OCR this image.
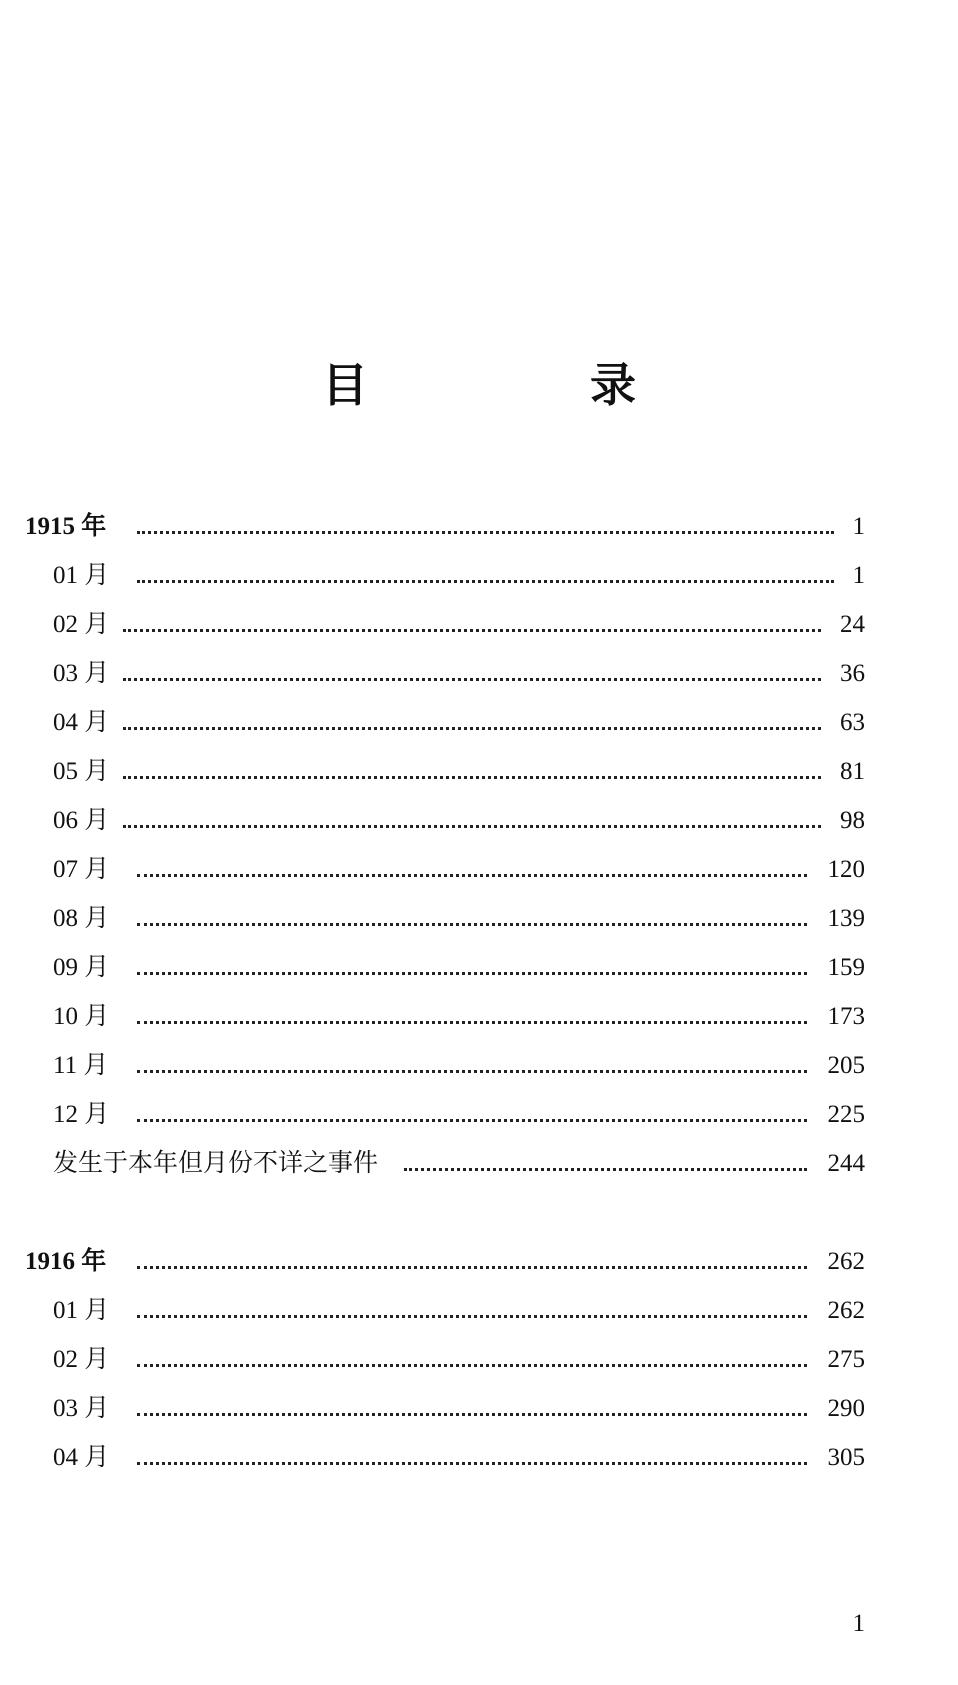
目　录
1915 年	1
01 月	1
02 月	24
03 月	36
04 月	63
05 月	81
06 月	98
07 月	120
08 月	139
09 月	159
10 月	173
11 月	205
12 月	225
发生于本年但月份不详之事件	244
1916 年	262
01 月	262
02 月	275
03 月	290
04 月	305
1
